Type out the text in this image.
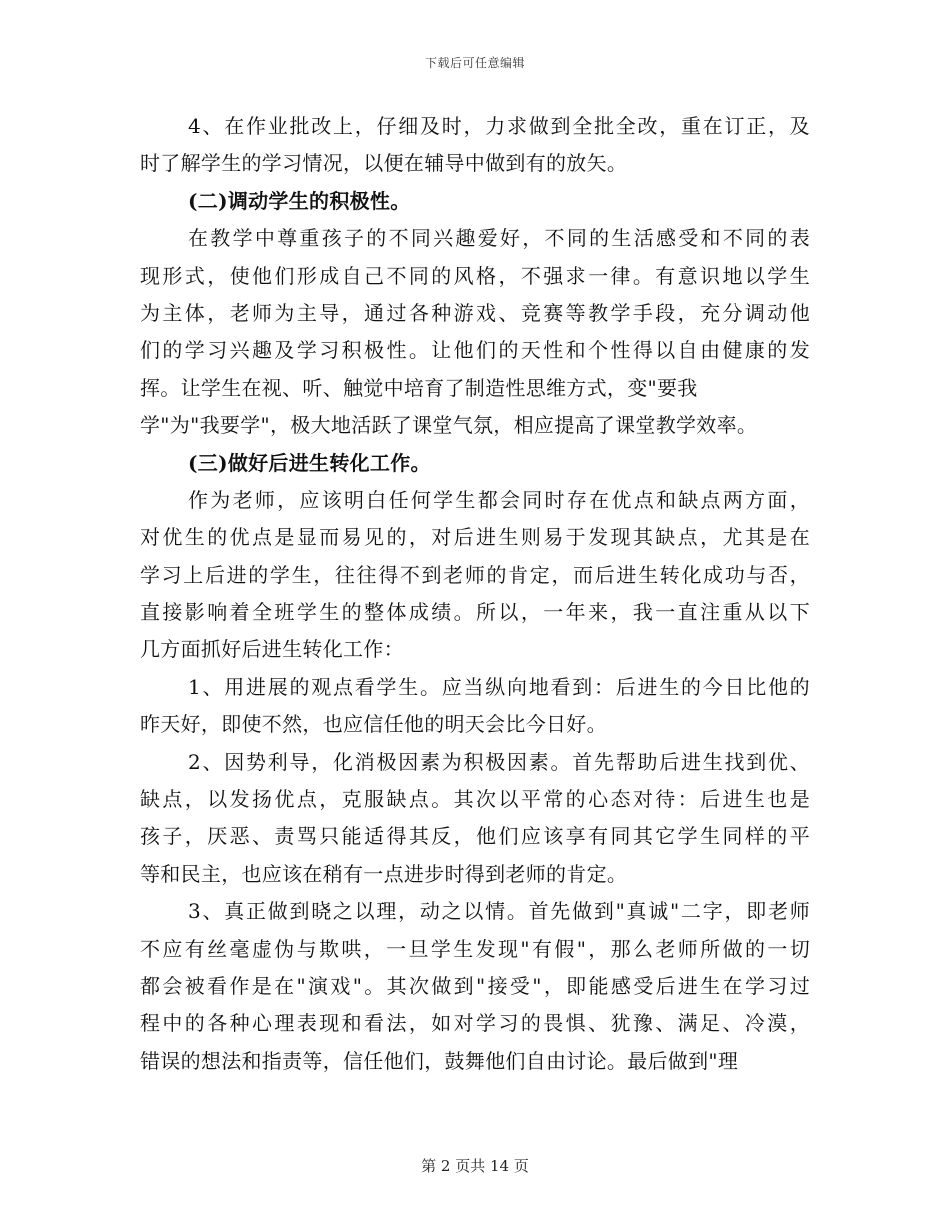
下载后可任意编辑
4、在作业批改上，仔细及时，力求做到全批全改，重在订正，及
时了解学生的学习情况，以便在辅导中做到有的放矢。
(二)调动学生的积极性。
在教学中尊重孩子的不同兴趣爱好，不同的生活感受和不同的表
现形式，使他们形成自己不同的风格，不强求一律。有意识地以学生
为主体，老师为主导，通过各种游戏、竞赛等教学手段，充分调动他
们的学习兴趣及学习积极性。让他们的天性和个性得以自由健康的发
挥。让学生在视、听、触觉中培育了制造性思维方式，变"要我
学"为"我要学"，极大地活跃了课堂气氛，相应提高了课堂教学效率。
(三)做好后进生转化工作。
作为老师，应该明白任何学生都会同时存在优点和缺点两方面，
对优生的优点是显而易见的，对后进生则易于发现其缺点，尤其是在
学习上后进的学生，往往得不到老师的肯定，而后进生转化成功与否，
直接影响着全班学生的整体成绩。所以，一年来，我一直注重从以下
几方面抓好后进生转化工作：
1、用进展的观点看学生。应当纵向地看到：后进生的今日比他的
昨天好，即使不然，也应信任他的明天会比今日好。
2、因势利导，化消极因素为积极因素。首先帮助后进生找到优、
缺点，以发扬优点，克服缺点。其次以平常的心态对待：后进生也是
孩子，厌恶、责骂只能适得其反，他们应该享有同其它学生同样的平
等和民主，也应该在稍有一点进步时得到老师的肯定。
3、真正做到晓之以理，动之以情。首先做到"真诚"二字，即老师
不应有丝毫虚伪与欺哄，一旦学生发现"有假"，那么老师所做的一切
都会被看作是在"演戏"。其次做到"接受"，即能感受后进生在学习过
程中的各种心理表现和看法，如对学习的畏惧、犹豫、满足、冷漠，
错误的想法和指责等，信任他们，鼓舞他们自由讨论。最后做到"理
第 2 页共 14 页
